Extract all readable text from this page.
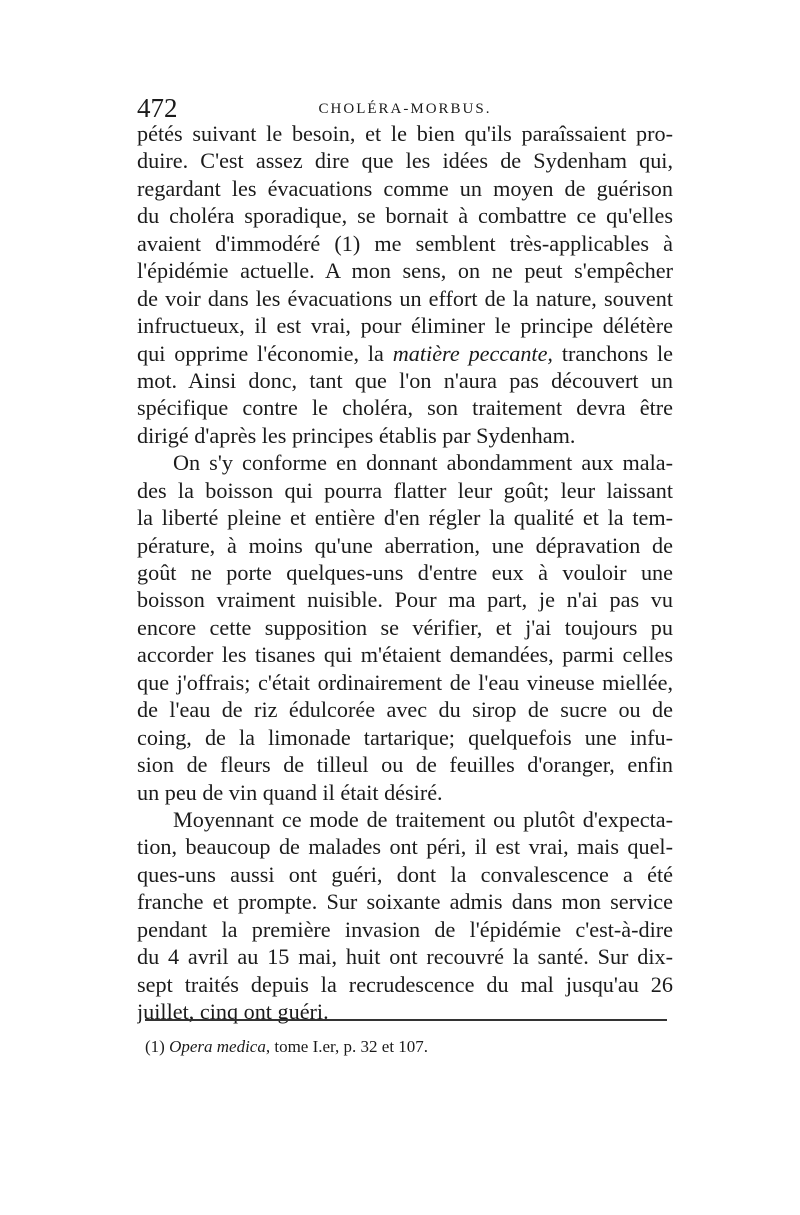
472	CHOLÉRA-MORBUS.
pétés suivant le besoin, et le bien qu'ils paraîssaient pro-
duire. C'est assez dire que les idées de Sydenham qui,
regardant les évacuations comme un moyen de guérison
du choléra sporadique, se bornait à combattre ce qu'elles
avaient d'immodéré (1) me semblent très-applicables à
l'épidémie actuelle. A mon sens, on ne peut s'empêcher
de voir dans les évacuations un effort de la nature, souvent
infructueux, il est vrai, pour éliminer le principe délétère
qui opprime l'économie, la matière peccante, tranchons le
mot. Ainsi donc, tant que l'on n'aura pas découvert un
spécifique contre le choléra, son traitement devra être
dirigé d'après les principes établis par Sydenham.
On s'y conforme en donnant abondamment aux mala-
des la boisson qui pourra flatter leur goût; leur laissant
la liberté pleine et entière d'en régler la qualité et la tem-
pérature, à moins qu'une aberration, une dépravation de
goût ne porte quelques-uns d'entre eux à vouloir une
boisson vraiment nuisible. Pour ma part, je n'ai pas vu
encore cette supposition se vérifier, et j'ai toujours pu
accorder les tisanes qui m'étaient demandées, parmi celles
que j'offrais; c'était ordinairement de l'eau vineuse miellée,
de l'eau de riz édulcorée avec du sirop de sucre ou de
coing, de la limonade tartarique; quelquefois une infu-
sion de fleurs de tilleul ou de feuilles d'oranger, enfin
un peu de vin quand il était désiré.
Moyennant ce mode de traitement ou plutôt d'expecta-
tion, beaucoup de malades ont péri, il est vrai, mais quel-
ques-uns aussi ont guéri, dont la convalescence a été
franche et prompte. Sur soixante admis dans mon service
pendant la première invasion de l'épidémie c'est-à-dire
du 4 avril au 15 mai, huit ont recouvré la santé. Sur dix-
sept traités depuis la recrudescence du mal jusqu'au 26
juillet, cinq ont guéri.
(1) Opera medica, tome I.er, p. 32 et 107.
